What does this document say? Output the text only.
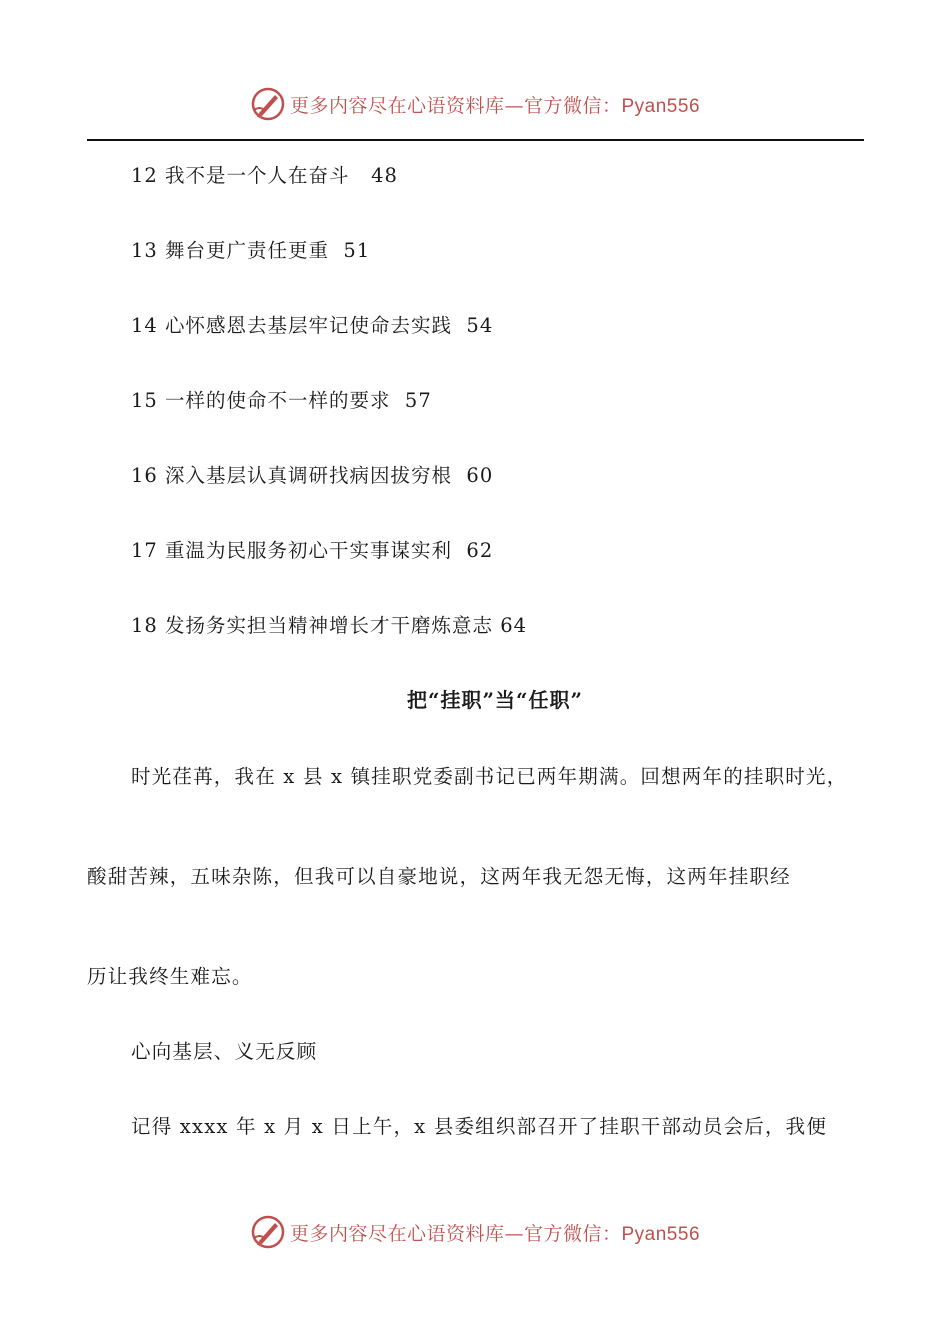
更多内容尽在心语资料库—官方微信：Pyan556
12 我不是一个人在奋斗   48
13 舞台更广责任更重  51
14 心怀感恩去基层牢记使命去实践  54
15 一样的使命不一样的要求  57
16 深入基层认真调研找病因拔穷根  60
17 重温为民服务初心干实事谋实利  62
18 发扬务实担当精神增长才干磨炼意志 64
把“挂职”当“任职”
时光荏苒，我在 x 县 x 镇挂职党委副书记已两年期满。回想两年的挂职时光，
酸甜苦辣，五味杂陈，但我可以自豪地说，这两年我无怨无悔，这两年挂职经
历让我终生难忘。
心向基层、义无反顾
记得 xxxx 年 x 月 x 日上午，x 县委组织部召开了挂职干部动员会后，我便
更多内容尽在心语资料库—官方微信：Pyan556
